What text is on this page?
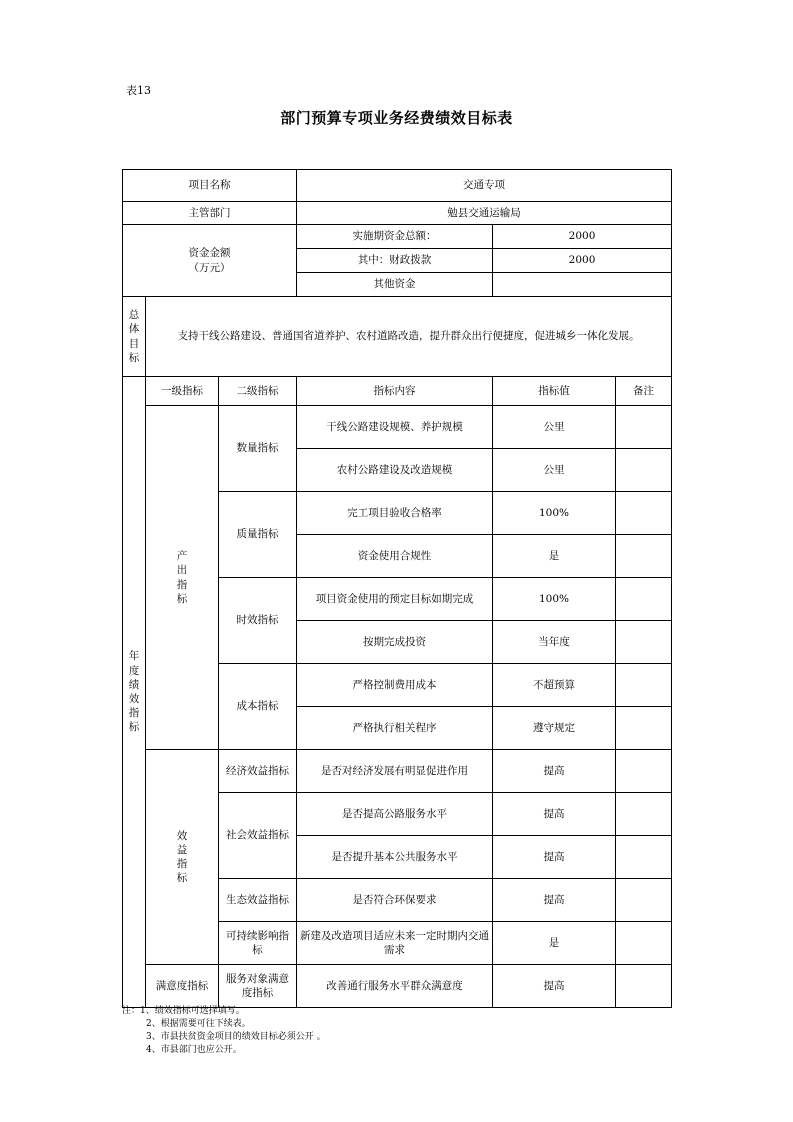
表13
部门预算专项业务经费绩效目标表
项目名称			交通专项		
主管部门			勉县交通运输局		

资金金额
（万元）			实施期资金总额：	2000	
			其中：财政拨款	2000	
			其他资金		
总体目标	支持干线公路建设、普通国省道养护、农村道路改造，提升群众出行便捷度，促进城乡一体化发展。				
年度绩效指标	一级指标	二级指标	指标内容	指标值	备注
	产出指标	数量指标	干线公路建设规模、养护规模	公里	
			农村公路建设及改造规模	公里	
		质量指标	完工项目验收合格率	100%	
			资金使用合规性	是	
		时效指标	项目资金使用的预定目标如期完成	100%	
			按期完成投资	当年度	
		成本指标	严格控制费用成本	不超预算	
			严格执行相关程序	遵守规定	
	效益指标	经济效益指标	是否对经济发展有明显促进作用	提高	
		社会效益指标	是否提高公路服务水平	提高	
			是否提升基本公共服务水平	提高	
		生态效益指标	是否符合环保要求	提高	
		可持续影响指标	新建及改造项目适应未来一定时期内交通需求	是	
	满意度指标	服务对象满意度指标	改善通行服务水平群众满意度	提高	
注：1、绩效指标可选择填写。
2、根据需要可往下续表。
3、市县扶贫资金项目的绩效目标必须公开 。
4、市县部门也应公开。
